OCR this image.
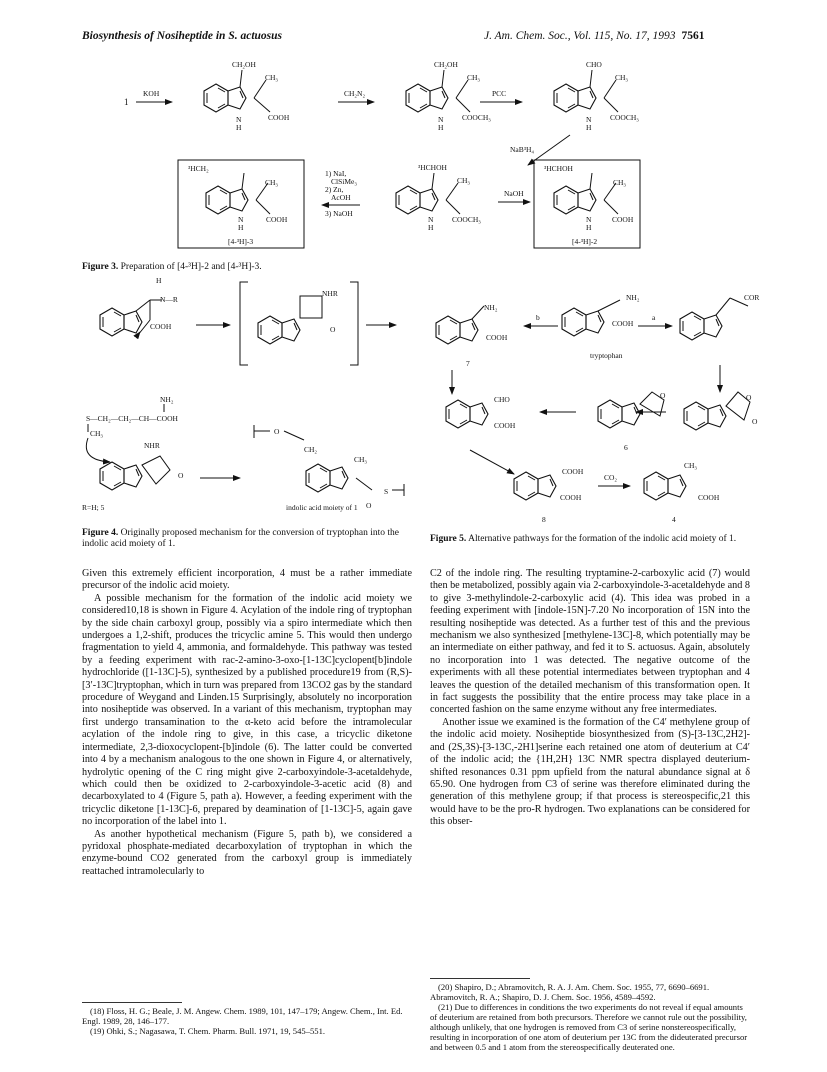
Biosynthesis of Nosiheptide in S. actuosus	J. Am. Chem. Soc., Vol. 115, No. 17, 1993 7561
1
KOH
CH₂OH
CH₃
COOH
N
H
CH₂N₂
CH₂OH
CH₃
COOCH₃
N
H
PCC
CHO
CH₃
COOCH₃
N
H
NaB³H₄
³HCHOH
CH₃
COOCH₃
N
H
NaOH
³HCHOH
CH₃
COOH
N
H
[4-³H]-2
1) NaI,
ClSiMe₃
2) Zn,
AcOH
3) NaOH
³HCH₂
CH₃
COOH
N
H
[4-³H]-3
H
N—R
COOH
NHR
O
NH₂
S—CH₂—CH₂—CH—COOH
CH₃
NHR
O
R=H; 5
O
CH₂
CH₃
O
S
indolic acid moiety of 1
NH₂
COOH
7
b
NH₂
COOH
tryptophan
a
COR
CHO
COOH
O
6
O
O
COOH
COOH
8
CO₂
CH₃
COOH
4
Figure 3. Preparation of [4-³H]-2 and [4-³H]-3.
Figure 4. Originally proposed mechanism for the conversion of tryptophan into the indolic acid moiety of 1.	Figure 5. Alternative pathways for the formation of the indolic acid moiety of 1.

Given this extremely efficient incorporation, 4 must be a rather immediate precursor of the indolic acid moiety.

A possible mechanism for the formation of the indolic acid moiety we considered10,18 is shown in Figure 4. Acylation of the indole ring of tryptophan by the side chain carboxyl group, possibly via a spiro intermediate which then undergoes a 1,2-shift, produces the tricyclic amine 5. This would then undergo fragmentation to yield 4, ammonia, and formaldehyde. This pathway was tested by a feeding experiment with rac-2-amino-3-oxo-[1-13C]cyclopent[b]indole hydrochloride ([1-13C]-5), synthesized by a published procedure19 from (R,S)-[3′-13C]tryptophan, which in turn was prepared from 13CO2 gas by the standard procedure of Weygand and Linden.15 Surprisingly, absolutely no incorporation into nosiheptide was observed. In a variant of this mechanism, tryptophan may first undergo transamination to the α-keto acid before the intramolecular acylation of the indole ring to give, in this case, a tricyclic diketone intermediate, 2,3-dioxocyclopent-[b]indole (6). The latter could be converted into 4 by a mechanism analogous to the one shown in Figure 4, or alternatively, hydrolytic opening of the C ring might give 2-carboxyindole-3-acetaldehyde, which could then be oxidized to 2-carboxyindole-3-acetic acid (8) and decarboxylated to 4 (Figure 5, path a). However, a feeding experiment with the tricyclic diketone [1-13C]-6, prepared by deamination of [1-13C]-5, again gave no incorporation of the label into 1.

As another hypothetical mechanism (Figure 5, path b), we considered a pyridoxal phosphate-mediated decarboxylation of tryptophan in which the enzyme-bound CO2 generated from the carboxyl group is immediately reattached intramolecularly to

C2 of the indole ring. The resulting tryptamine-2-carboxylic acid (7) would then be metabolized, possibly again via 2-carboxyindole-3-acetaldehyde and 8 to give 3-methylindole-2-carboxylic acid (4). This idea was probed in a feeding experiment with [indole-15N]-7.20 No incorporation of 15N into the resulting nosiheptide was detected. As a further test of this and the previous mechanism we also synthesized [methylene-13C]-8, which potentially may be an intermediate on either pathway, and fed it to S. actuosus. Again, absolutely no incorporation into 1 was detected. The negative outcome of the experiments with all these potential intermediates between tryptophan and 4 leaves the question of the detailed mechanism of this transformation open. It in fact suggests the possibility that the entire process may take place in a concerted fashion on the same enzyme without any free intermediates.

Another issue we examined is the formation of the C4′ methylene group of the indolic acid moiety. Nosiheptide biosynthesized from (S)-[3-13C,2H2]- and (2S,3S)-[3-13C,-2H1]serine each retained one atom of deuterium at C4′ of the indolic acid; the {1H,2H} 13C NMR spectra displayed deuterium-shifted resonances 0.31 ppm upfield from the natural abundance signal at δ 65.90. One hydrogen from C3 of serine was therefore eliminated during the generation of this methylene group; if that process is stereospecific,21 this would have to be the pro-R hydrogen. Two explanations can be considered for this obser-

(18) Floss, H. G.; Beale, J. M. Angew. Chem. 1989, 101, 147–179; Angew. Chem., Int. Ed. Engl. 1989, 28, 146–177.

(19) Ohki, S.; Nagasawa, T. Chem. Pharm. Bull. 1971, 19, 545–551.

(20) Shapiro, D.; Abramovitch, R. A. J. Am. Chem. Soc. 1955, 77, 6690–6691. Abramovitch, R. A.; Shapiro, D. J. Chem. Soc. 1956, 4589–4592.

(21) Due to differences in conditions the two experiments do not reveal if equal amounts of deuterium are retained from both precursors. Therefore we cannot rule out the possibility, although unlikely, that one hydrogen is removed from C3 of serine nonstereospecifically, resulting in incorporation of one atom of deuterium per 13C from the dideuterated precursor and between 0.5 and 1 atom from the stereospecifically deuterated one.
